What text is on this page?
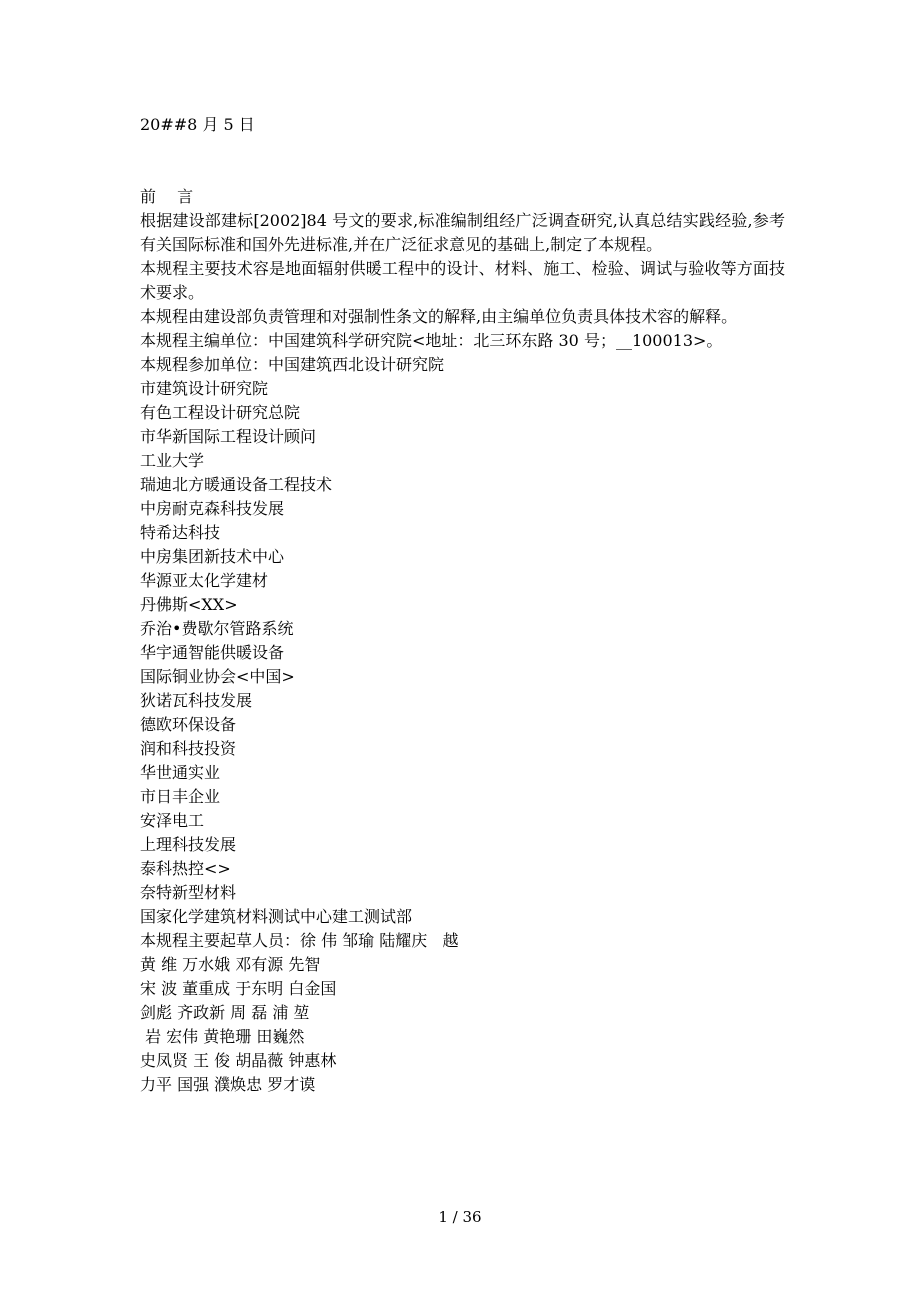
20##8 月 5 日
前 言
根据建设部建标[2002]84 号文的要求,标准编制组经广泛调查研究,认真总结实践经验,参考有关国际标准和国外先进标准,并在广泛征求意见的基础上,制定了本规程。
本规程主要技术容是地面辐射供暖工程中的设计、材料、施工、检验、调试与验收等方面技术要求。
本规程由建设部负责管理和对强制性条文的解释,由主编单位负责具体技术容的解释。
本规程主编单位：中国建筑科学研究院<地址：北三环东路 30 号；__100013>。
本规程参加单位：中国建筑西北设计研究院
市建筑设计研究院
有色工程设计研究总院
市华新国际工程设计顾问
工业大学
瑞迪北方暖通设备工程技术
中房耐克森科技发展
特希达科技
中房集团新技术中心
华源亚太化学建材
丹佛斯<XX>
乔治•费歇尔管路系统
华宇通智能供暖设备
国际铜业协会<中国>
狄诺瓦科技发展
德欧环保设备
润和科技投资
华世通实业
市日丰企业
安泽电工
上理科技发展
泰科热控<>
奈特新型材料
国家化学建筑材料测试中心建工测试部
本规程主要起草人员：徐 伟 邹瑜 陆耀庆   越
黄 维 万水娥 邓有源 先智
宋 波 董重成 于东明 白金国
剑彪 齐政新 周 磊 浦 堃
岩 宏伟 黄艳珊 田巍然
史凤贤 王 俊 胡晶薇 钟惠林
力平 国强 濮焕忠 罗才谟
1 / 36
